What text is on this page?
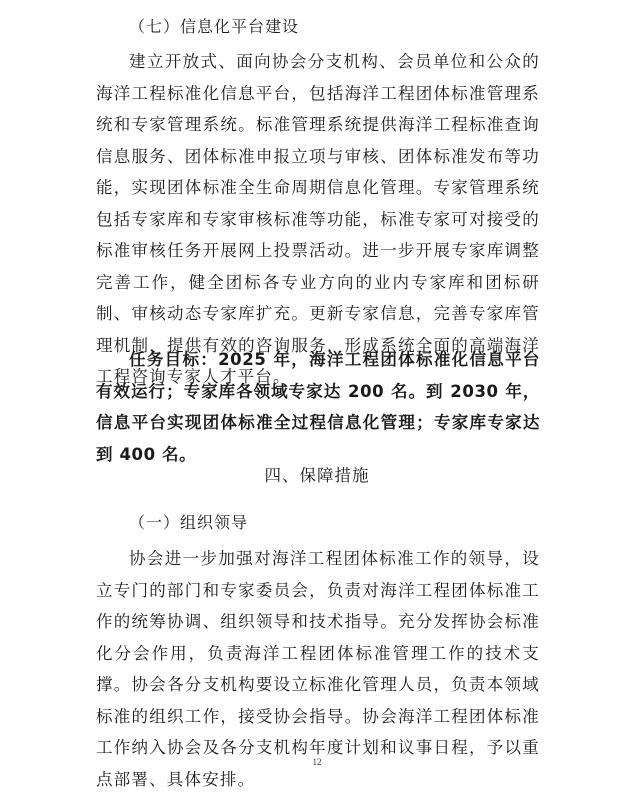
（七）信息化平台建设

建立开放式、面向协会分支机构、会员单位和公众的海洋工程标准化信息平台，包括海洋工程团体标准管理系统和专家管理系统。标准管理系统提供海洋工程标准查询信息服务、团体标准申报立项与审核、团体标准发布等功能，实现团体标准全生命周期信息化管理。专家管理系统包括专家库和专家审核标准等功能，标准专家可对接受的标准审核任务开展网上投票活动。进一步开展专家库调整完善工作，健全团标各专业方向的业内专家库和团标研制、审核动态专家库扩充。更新专家信息，完善专家库管理机制，提供有效的咨询服务，形成系统全面的高端海洋工程咨询专家人才平台。

任务目标：2025 年，海洋工程团体标准化信息平台有效运行；专家库各领域专家达 200 名。到 2030 年，信息平台实现团体标准全过程信息化管理；专家库专家达到 400 名。

四、保障措施
（一）组织领导

协会进一步加强对海洋工程团体标准工作的领导，设立专门的部门和专家委员会，负责对海洋工程团体标准工作的统筹协调、组织领导和技术指导。充分发挥协会标准化分会作用，负责海洋工程团体标准管理工作的技术支撑。协会各分支机构要设立标准化管理人员，负责本领域标准的组织工作，接受协会指导。协会海洋工程团体标准工作纳入协会及各分支机构年度计划和议事日程，予以重点部署、具体安排。

12
